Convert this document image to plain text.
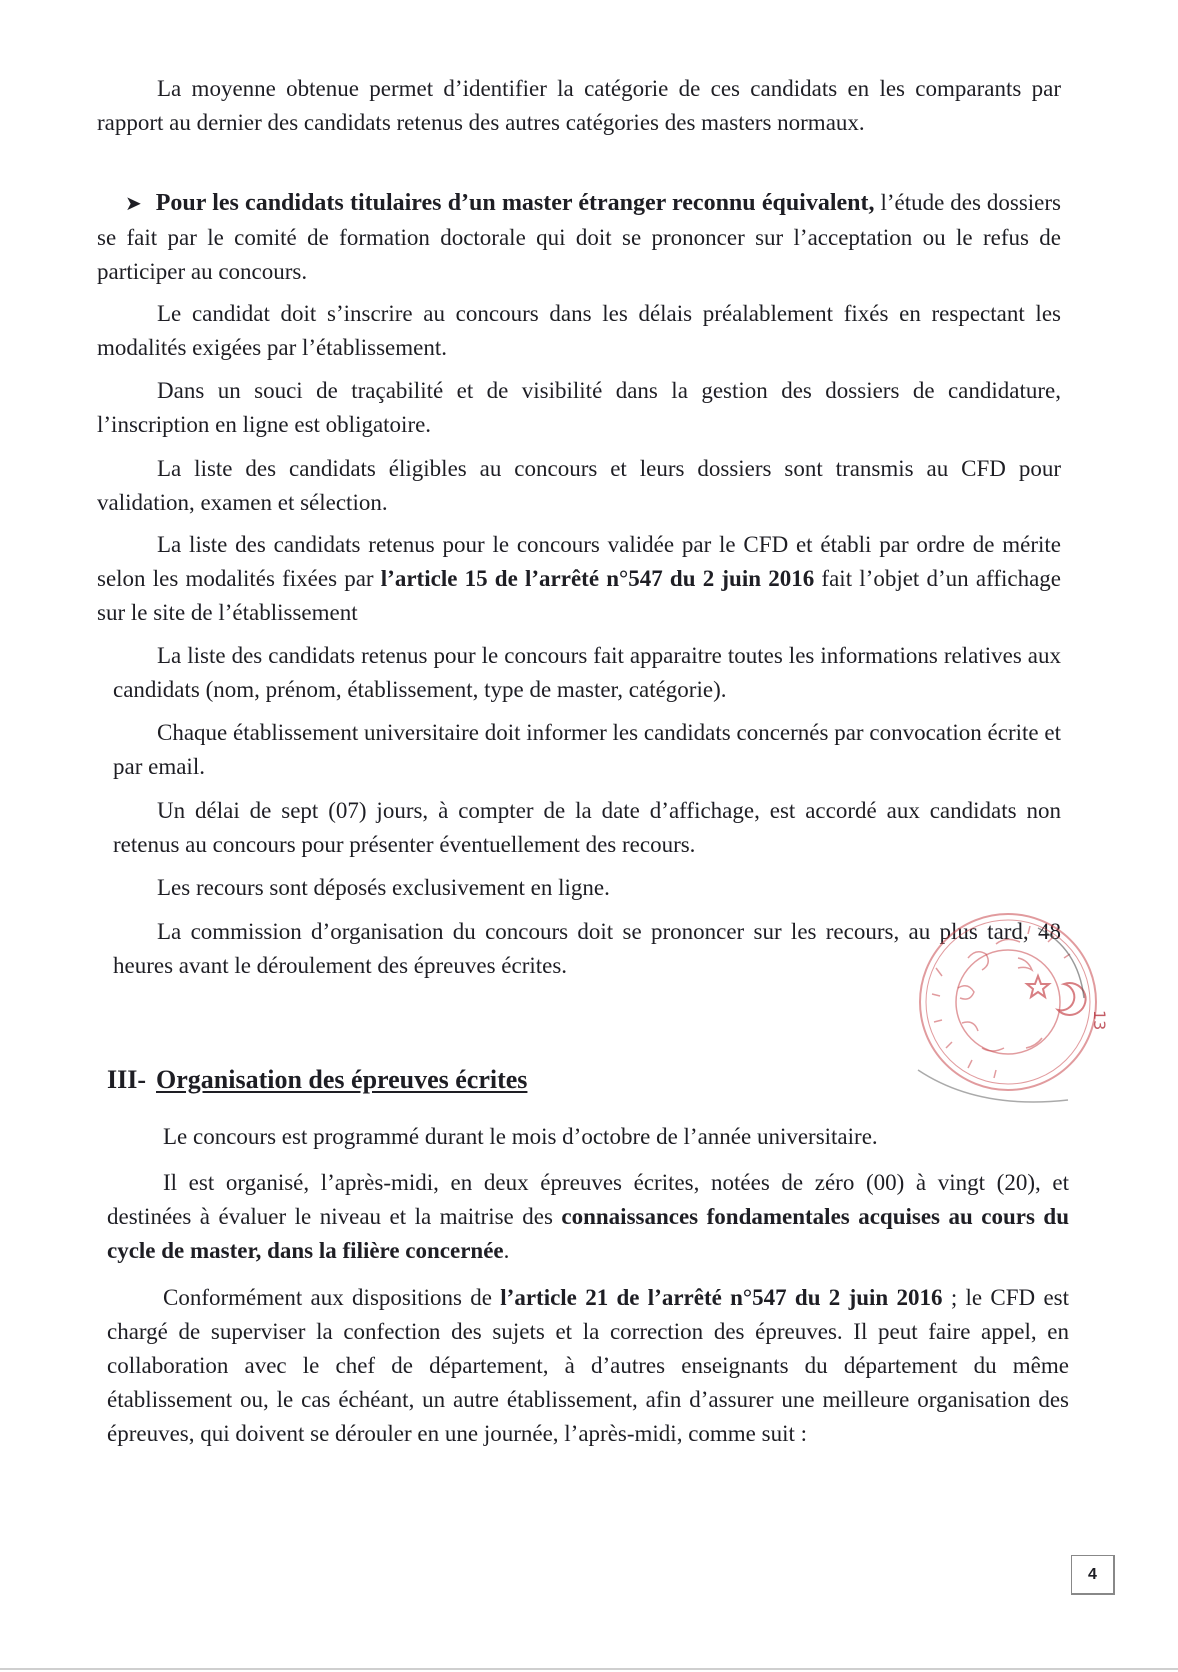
La moyenne obtenue permet d’identifier la catégorie de ces candidats en les comparants par rapport au dernier des candidats retenus des autres catégories des masters normaux.

➤ Pour les candidats titulaires d’un master étranger reconnu équivalent, l’étude des dossiers se fait par le comité de formation doctorale qui doit se prononcer sur l’acceptation ou le refus de participer au concours.

Le candidat doit s’inscrire au concours dans les délais préalablement fixés en respectant les modalités exigées par l’établissement.

Dans un souci de traçabilité et de visibilité dans la gestion des dossiers de candidature, l’inscription en ligne est obligatoire.

La liste des candidats éligibles au concours et leurs dossiers sont transmis au CFD pour validation, examen et sélection.

La liste des candidats retenus pour le concours validée par le CFD et établi par ordre de mérite selon les modalités fixées par l’article 15 de l’arrêté n°547 du 2 juin 2016 fait l’objet d’un affichage sur le site de l’établissement

La liste des candidats retenus pour le concours fait apparaitre toutes les informations relatives aux candidats (nom, prénom, établissement, type de master, catégorie).

Chaque établissement universitaire doit informer les candidats concernés par convocation écrite et par email.

Un délai de sept (07) jours, à compter de la date d’affichage, est accordé aux candidats non retenus au concours pour présenter éventuellement des recours.

Les recours sont déposés exclusivement en ligne.

La commission d’organisation du concours doit se prononcer sur les recours, au plus tard, 48 heures avant le déroulement des épreuves écrites.

III- Organisation des épreuves écrites

Le concours est programmé durant le mois d’octobre de l’année universitaire.

Il est organisé, l’après-midi, en deux épreuves écrites, notées de zéro (00) à vingt (20), et destinées à évaluer le niveau et la maitrise des connaissances fondamentales acquises au cours du cycle de master, dans la filière concernée.

Conformément aux dispositions de l’article 21 de l’arrêté n°547 du 2 juin 2016 ; le CFD est chargé de superviser la confection des sujets et la correction des épreuves. Il peut faire appel, en collaboration avec le chef de département, à d’autres enseignants du département du même établissement ou, le cas échéant, un autre établissement, afin d’assurer une meilleure organisation des épreuves, qui doivent se dérouler en une journée, l’après-midi, comme suit :

13
4
